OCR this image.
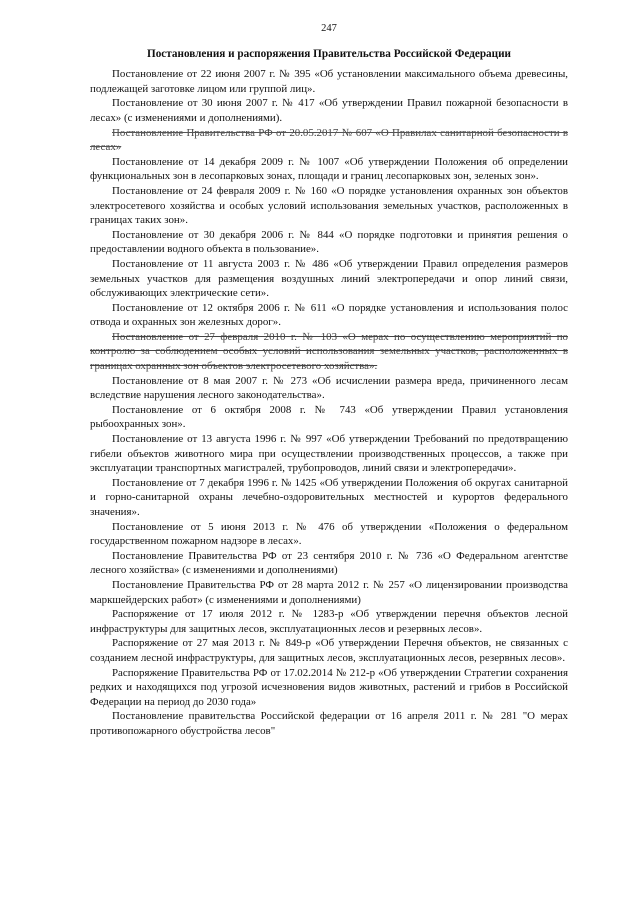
247
Постановления и распоряжения Правительства Российской Федерации

Постановление от 22 июня 2007 г. № 395 «Об установлении максимального объема древесины, подлежащей заготовке лицом или группой лиц».

Постановление от 30 июня 2007 г. № 417 «Об утверждении Правил пожарной безопасности в лесах» (с изменениями и дополнениями).

Постановление Правительства РФ от 20.05.2017 № 607 «О Правилах санитарной безопасности в лесах»

Постановление от 14 декабря 2009 г. № 1007 «Об утверждении Положения об определении функциональных зон в лесопарковых зонах, площади и границ лесопарковых зон, зеленых зон».

Постановление от 24 февраля 2009 г. № 160 «О порядке установления охранных зон объектов электросетевого хозяйства и особых условий использования земельных участков, расположенных в границах таких зон».

Постановление от 30 декабря 2006 г. № 844 «О порядке подготовки и принятия решения о предоставлении водного объекта в пользование».

Постановление от 11 августа 2003 г. № 486 «Об утверждении Правил определения размеров земельных участков для размещения воздушных линий электропередачи и опор линий связи, обслуживающих электрические сети».

Постановление от 12 октября 2006 г. № 611 «О порядке установления и использования полос отвода и охранных зон железных дорог».

Постановление от 27 февраля 2010 г. № 103 «О мерах по осуществлению мероприятий по контролю за соблюдением особых условий использования земельных участков, расположенных в границах охранных зон объектов электросетевого хозяйства».

Постановление от 8 мая 2007 г. № 273 «Об исчислении размера вреда, причиненного лесам вследствие нарушения лесного законодательства».

Постановление от 6 октября 2008 г. № 743 «Об утверждении Правил установления рыбоохранных зон».

Постановление от 13 августа 1996 г. № 997 «Об утверждении Требований по предотвращению гибели объектов животного мира при осуществлении производственных процессов, а также при эксплуатации транспортных магистралей, трубопроводов, линий связи и электропередачи».

Постановление от 7 декабря 1996 г. № 1425 «Об утверждении Положения об округах санитарной и горно-санитарной охраны лечебно-оздоровительных местностей и курортов федерального значения».

Постановление от 5 июня 2013 г. № 476 об утверждении «Положения о федеральном государственном пожарном надзоре в лесах».

Постановление Правительства РФ от 23 сентября 2010 г. № 736 «О Федеральном агентстве лесного хозяйства» (с изменениями и дополнениями)

Постановление Правительства РФ от 28 марта 2012 г. № 257 «О лицензировании производства маркшейдерских работ» (с изменениями и дополнениями)

Распоряжение от 17 июля 2012 г. № 1283-р «Об утверждении перечня объектов лесной инфраструктуры для защитных лесов, эксплуатационных лесов и резервных лесов».

Распоряжение от 27 мая 2013 г. № 849-р «Об утверждении Перечня объектов, не связанных с созданием лесной инфраструктуры, для защитных лесов, эксплуатационных лесов, резервных лесов».

Распоряжение Правительства РФ от 17.02.2014 № 212-р «Об утверждении Стратегии сохранения редких и находящихся под угрозой исчезновения видов животных, растений и грибов в Российской Федерации на период до 2030 года»

Постановление правительства Российской федерации от 16 апреля 2011 г. № 281 "О мерах противопожарного обустройства лесов"
